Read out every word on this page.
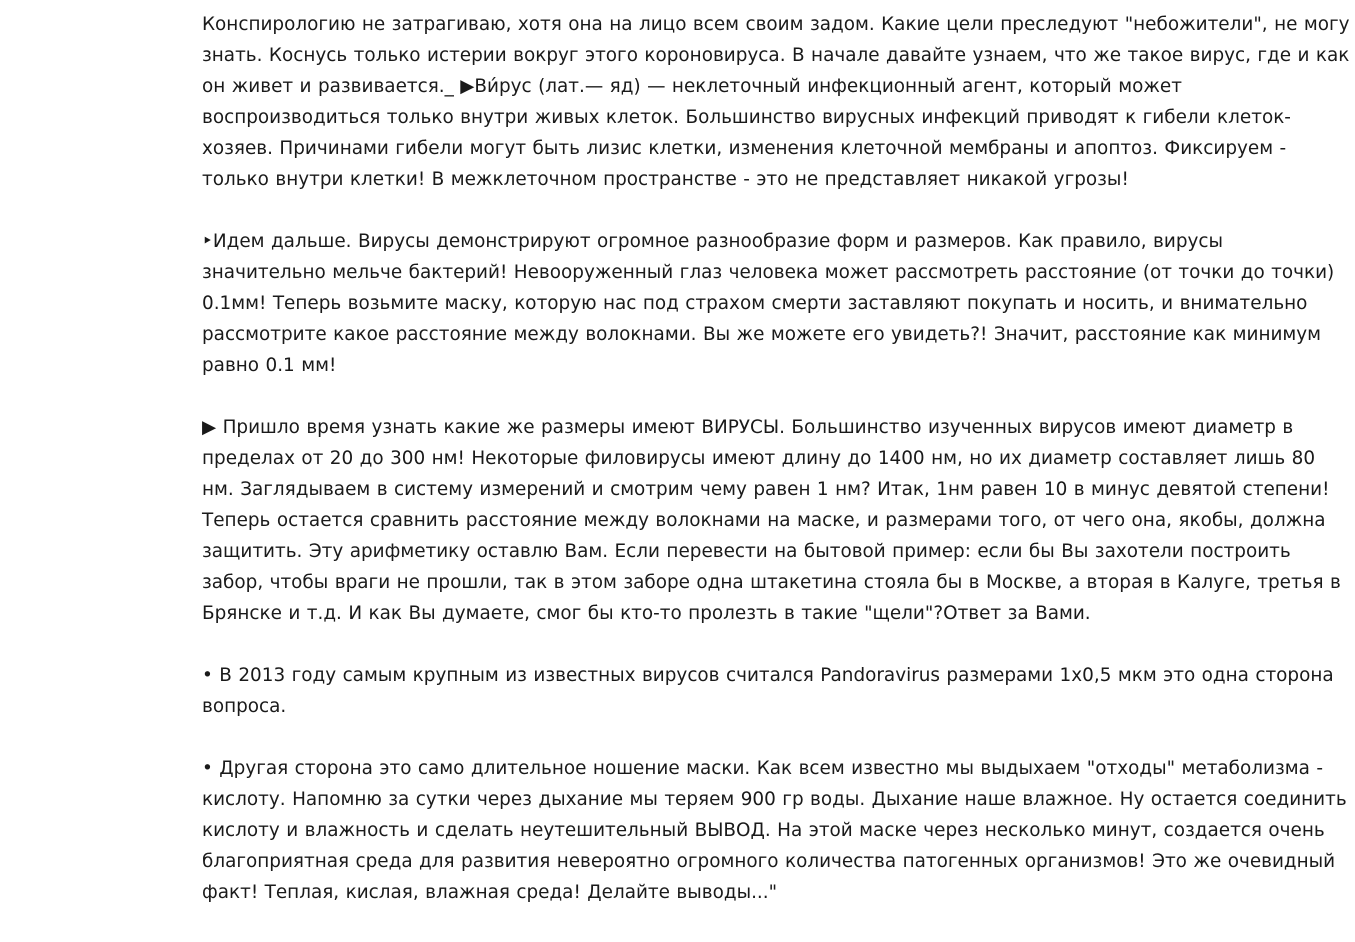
Конспирологию не затрагиваю, хотя она на лицо всем своим задом. Какие цели преследуют "небожители", не могу знать. Коснусь только истерии вокруг этого короновируса. В начале давайте узнаем, что же такое вирус, где и как он живет и развивается._ ▶Ви́рус (лат.— яд) — неклеточный инфекционный агент, который может воспроизводиться только внутри живых клеток. Большинство вирусных инфекций приводят к гибели клеток-хозяев. Причинами гибели могут быть лизис клетки, изменения клеточной мембраны и апоптоз. Фиксируем - только внутри клетки! В межклеточном пространстве - это не представляет никакой угрозы!

‣Идем дальше. Вирусы демонстрируют огромное разнообразие форм и размеров. Как правило, вирусы значительно мельче бактерий! Невооруженный глаз человека может рассмотреть расстояние (от точки до точки) 0.1мм! Теперь возьмите маску, которую нас под страхом смерти заставляют покупать и носить, и внимательно рассмотрите какое расстояние между волокнами. Вы же можете его увидеть?! Значит, расстояние как минимум равно 0.1 мм!

▶ Пришло время узнать какие же размеры имеют ВИРУСЫ. Большинство изученных вирусов имеют диаметр в пределах от 20 до 300 нм! Некоторые филовирусы имеют длину до 1400 нм, но их диаметр составляет лишь 80 нм. Заглядываем в систему измерений и смотрим чему равен 1 нм? Итак, 1нм равен 10 в минус девятой степени! Теперь остается сравнить расстояние между волокнами на маске, и размерами того, от чего она, якобы, должна защитить. Эту арифметику оставлю Вам. Если перевести на бытовой пример: если бы Вы захотели построить забор, чтобы враги не прошли, так в этом заборе одна штакетина стояла бы в Москве, а вторая в Калуге, третья в Брянске и т.д. И как Вы думаете, смог бы кто-то пролезть в такие "щели"?Ответ за Вами.

• В 2013 году самым крупным из известных вирусов считался Pandoravirus размерами 1х0,5 мкм это одна сторона вопроса.

• Другая сторона это само длительное ношение маски. Как всем известно мы выдыхаем "отходы" метаболизма - кислоту. Напомню за сутки через дыхание мы теряем 900 гр воды. Дыхание наше влажное. Ну остается соединить кислоту и влажность и сделать неутешительный ВЫВОД. На этой маске через несколько минут, создается очень благоприятная среда для развития невероятно огромного количества патогенных организмов! Это же очевидный факт! Теплая, кислая, влажная среда! Делайте выводы..."
